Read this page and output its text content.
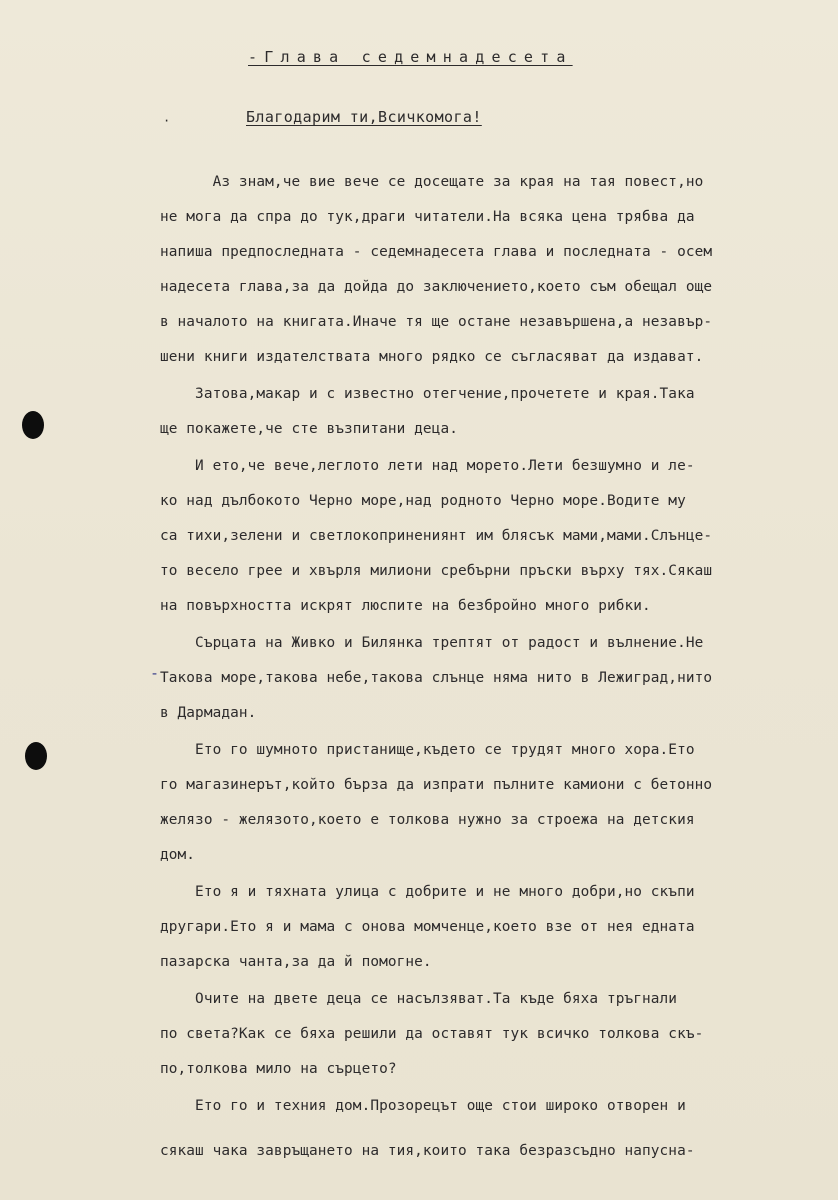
-Глава седемнадесета
·	Благодарим ти,Всичкомога!
Аз знам,че вие вече се досещате за края на тая повест,но
не мога да спра до тук,драги читатели.На всяка цена трябва да
напиша предпоследната - седемнадесета глава и последната - осем
надесета глава,за да дойда до заключението,което съм обещал още
в началото на книгата.Иначе тя ще остане незавършена,а незавър-
шени книги издателствата много рядко се съгласяват да издават.
Затова,макар и с известно отегчение,прочетете и края.Така
ще покажете,че сте възпитани деца.
И ето,че вече,леглото лети над морето.Лети безшумно и ле-
ко над дълбокото Черно море,над родното Черно море.Водите му
са тихи,зелени и светлокопринениянт им блясък мами,мами.Слънце-
то весело грее и хвърля милиони сребърни пръски върху тях.Сякаш
на повърхността искрят люспите на безбройно много рибки.
Сърцата на Живко и Билянка трептят от радост и вълнение.Не
Такова море,такова небе,такова слънце няма нито в Лежиград,нито
в Дармадан.
Ето го шумното пристанище,където се трудят много хора.Ето
го магазинерът,който бърза да изпрати пълните камиони с бетонно
желязо - желязото,което е толкова нужно за строежа на детския
дом.
Ето я и тяхната улица с добрите и не много добри,но скъпи
другари.Ето я и мама с онова момченце,което взе от нея едната
пазарска чанта,за да й помогне.
Очите на двете деца се насълзяват.Та къде бяха тръгнали
по света?Как се бяха решили да оставят тук всичко толкова скъ-
по,толкова мило на сърцето?
Ето го и техния дом.Прозорецът още стои широко отворен и
сякаш чака завръщането на тия,които така безразсъдно напусна-
-
